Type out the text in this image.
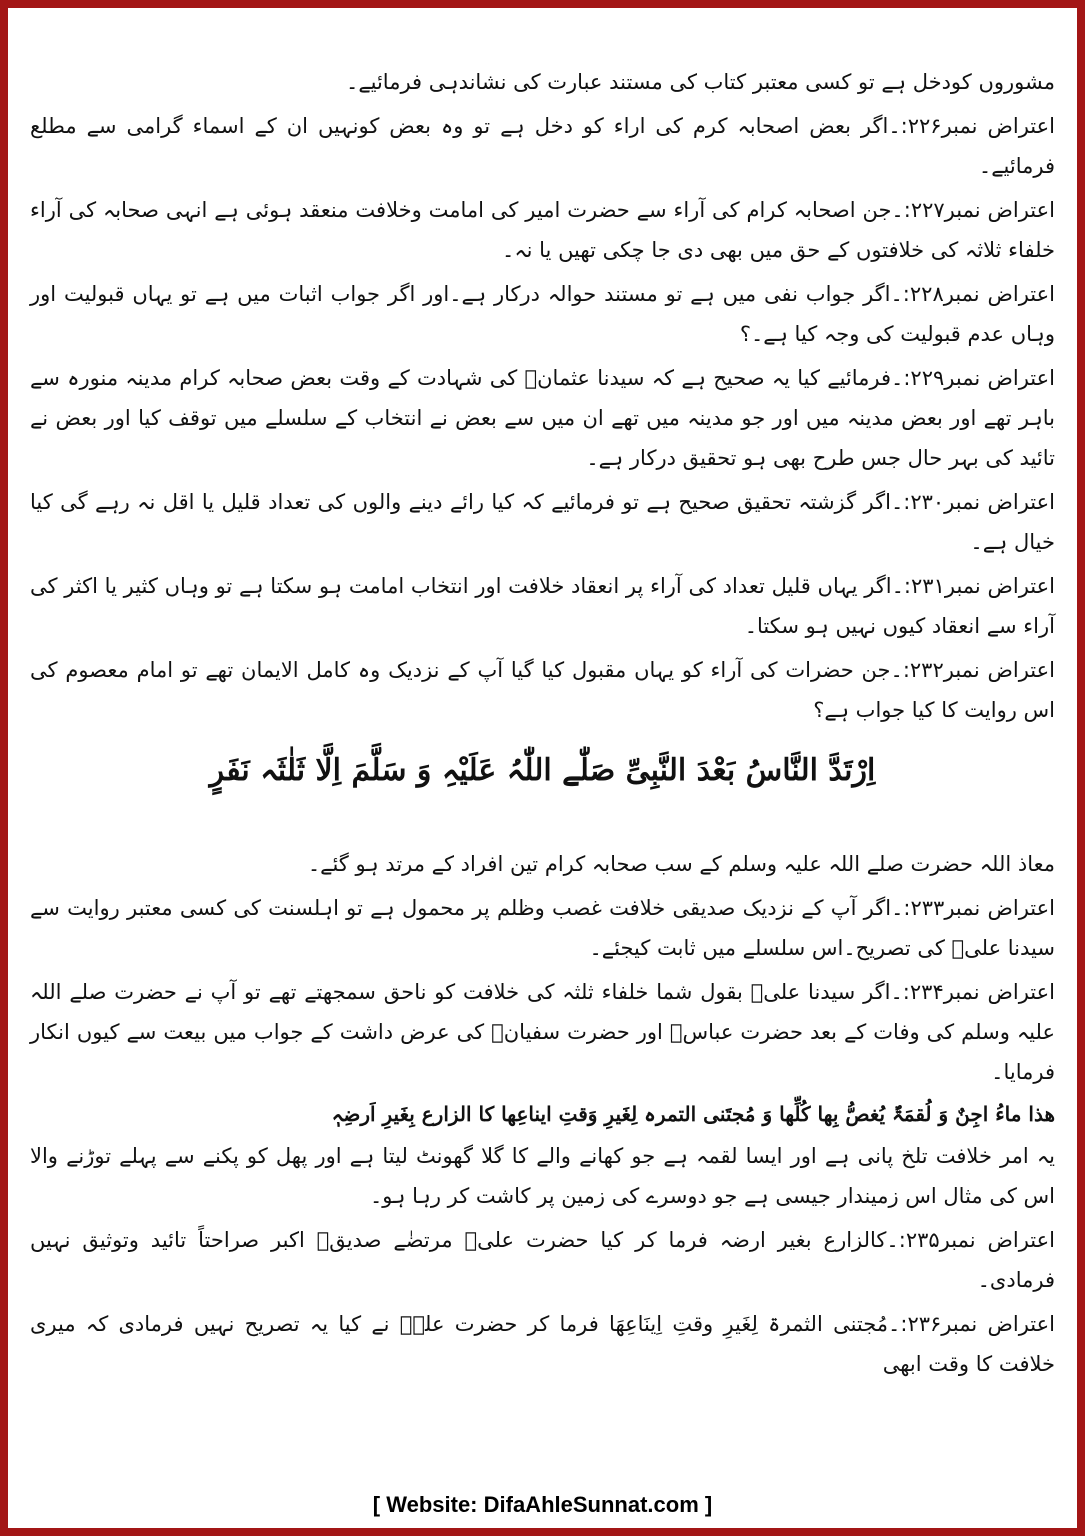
مشوروں کودخل ہے تو کسی معتبر کتاب کی مستند عبارت کی نشاندہی فرمائیے۔

اعتراض نمبر۲۲۶:۔اگر بعض اصحابہ کرم کی اراء کو دخل ہے تو وہ بعض کونہیں ان کے اسماء گرامی سے مطلع فرمائیے۔

اعتراض نمبر۲۲۷:۔جن اصحابہ کرام کی آراء سے حضرت امیر کی امامت وخلافت منعقد ہوئی ہے انہی صحابہ کی آراء خلفاء ثلاثہ کی خلافتوں کے حق میں بھی دی جا چکی تھیں یا نہ۔

اعتراض نمبر۲۲۸:۔اگر جواب نفی میں ہے تو مستند حوالہ درکار ہے۔اور اگر جواب اثبات میں ہے تو یہاں قبولیت اور وہاں عدم قبولیت کی وجہ کیا ہے۔؟

اعتراض نمبر۲۲۹:۔فرمائیے کیا یہ صحیح ہے کہ سیدنا عثمانؓ کی شہادت کے وقت بعض صحابہ کرام مدینہ منورہ سے باہر تھے اور بعض مدینہ میں اور جو مدینہ میں تھے ان میں سے بعض نے انتخاب کے سلسلے میں توقف کیا اور بعض نے تائید کی بہر حال جس طرح بھی ہو تحقیق درکار ہے۔

اعتراض نمبر۲۳۰:۔اگر گزشتہ تحقیق صحیح ہے تو فرمائیے کہ کیا رائے دینے والوں کی تعداد قلیل یا اقل نہ رہے گی کیا خیال ہے۔

اعتراض نمبر۲۳۱:۔اگر یہاں قلیل تعداد کی آراء پر انعقاد خلافت اور انتخاب امامت ہو سکتا ہے تو وہاں کثیر یا اکثر کی آراء سے انعقاد کیوں نہیں ہو سکتا۔

اعتراض نمبر۲۳۲:۔جن حضرات کی آراء کو یہاں مقبول کیا گیا آپ کے نزدیک وہ کامل الایمان تھے تو امام معصوم کی اس روایت کا کیا جواب ہے؟

اِرْتَدَّ النَّاسُ بَعْدَ النَّبِیِّ صَلّٰے اللّٰہُ عَلَیْہِ وَ سَلَّمَ اِلَّا ثَلٰثَہ نَفَرٍ

معاذ اللہ حضرت صلے اللہ علیہ وسلم کے سب صحابہ کرام تین افراد کے مرتد ہو گئے۔

اعتراض نمبر۲۳۳:۔اگر آپ کے نزدیک صدیقی خلافت غصب وظلم پر محمول ہے تو اہلسنت کی کسی معتبر روایت سے سیدنا علیؓ کی تصریح۔اس سلسلے میں ثابت کیجئے۔

اعتراض نمبر۲۳۴:۔اگر سیدنا علیؓ بقول شما خلفاء ثلثہ کی خلافت کو ناحق سمجھتے تھے تو آپ نے حضرت صلے اللہ علیہ وسلم کی وفات کے بعد حضرت عباسؓ اور حضرت سفیانؓ کی عرض داشت کے جواب میں بیعت سے کیوں انکار فرمایا۔

ھذا ماءُ اجِنٌ وَ لُقمَۃٌ یُغصُّ بِھا کُلِّھا وَ مُجتَنی التمرہ لِغَیرِ وَقتِ ایناعِھا کا الزارع بِغَیرِ اَرضِہٖ

یہ امر خلافت تلخ پانی ہے اور ایسا لقمہ ہے جو کھانے والے کا گلا گھونٹ لیتا ہے اور پھل کو پکنے سے پہلے توڑنے والا اس کی مثال اس زمیندار جیسی ہے جو دوسرے کی زمین پر کاشت کر رہا ہو۔

اعتراض نمبر۲۳۵:۔کالزارع بغیر ارضہ فرما کر کیا حضرت علیؓ مرتضٰے صدیقؓ اکبر صراحتاً تائید وتوثیق نہیں فرمادی۔

اعتراض نمبر۲۳۶:۔مُجتنی الثمرۃ لِغَیرِ وقتِ اِینَاعِھَا فرما کر حضرت علےؓ نے کیا یہ تصریح نہیں فرمادی کہ میری خلافت کا وقت ابھی

[ Website: DifaAhleSunnat.com ]
